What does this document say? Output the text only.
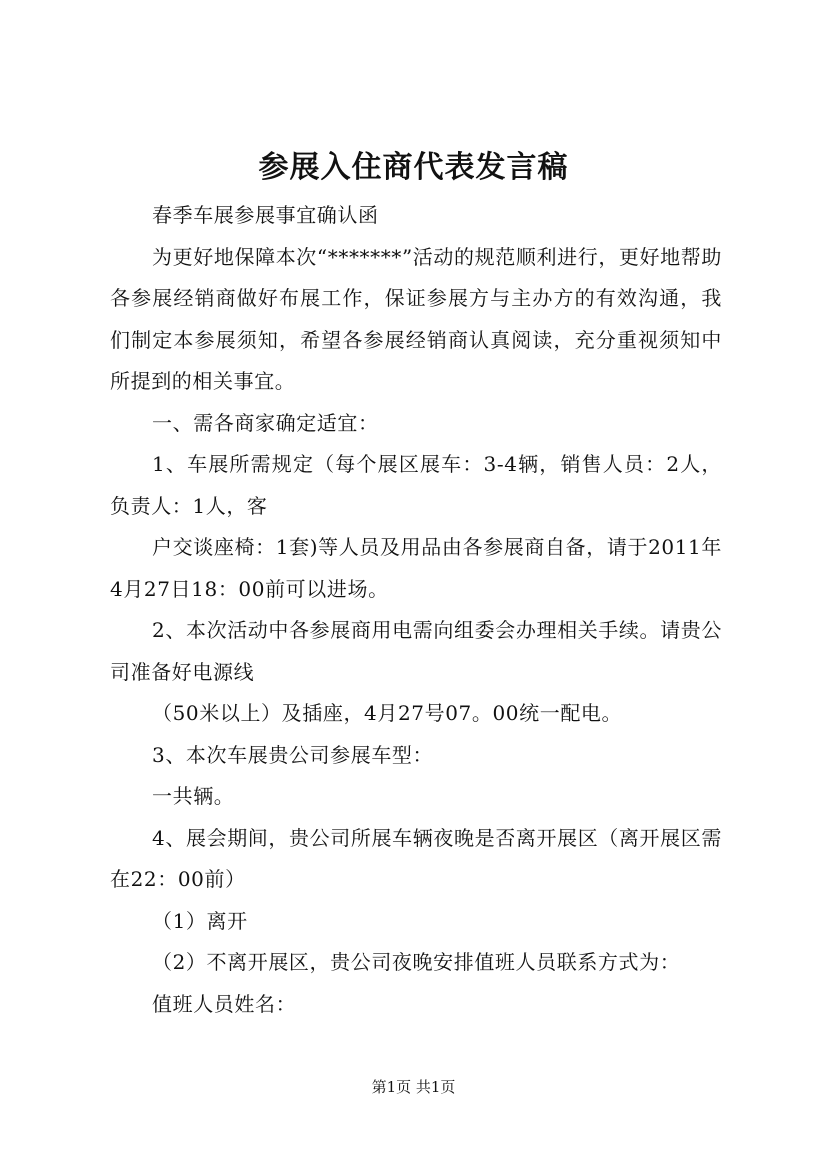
参展入住商代表发言稿

春季车展参展事宜确认函

为更好地保障本次“*******”活动的规范顺利进行，更好地帮助各参展经销商做好布展工作，保证参展方与主办方的有效沟通，我们制定本参展须知，希望各参展经销商认真阅读，充分重视须知中所提到的相关事宜。

一、需各商家确定适宜：

1、车展所需规定（每个展区展车：3-4辆，销售人员：2人，负责人：1人，客

户交谈座椅：1套)等人员及用品由各参展商自备，请于2011年4月27日18：00前可以进场。

2、本次活动中各参展商用电需向组委会办理相关手续。请贵公司准备好电源线

（50米以上）及插座，4月27号07。00统一配电。

3、本次车展贵公司参展车型：

一共辆。

4、展会期间，贵公司所展车辆夜晚是否离开展区（离开展区需在22：00前）

（1）离开

（2）不离开展区，贵公司夜晚安排值班人员联系方式为：

值班人员姓名：

第1页 共1页
